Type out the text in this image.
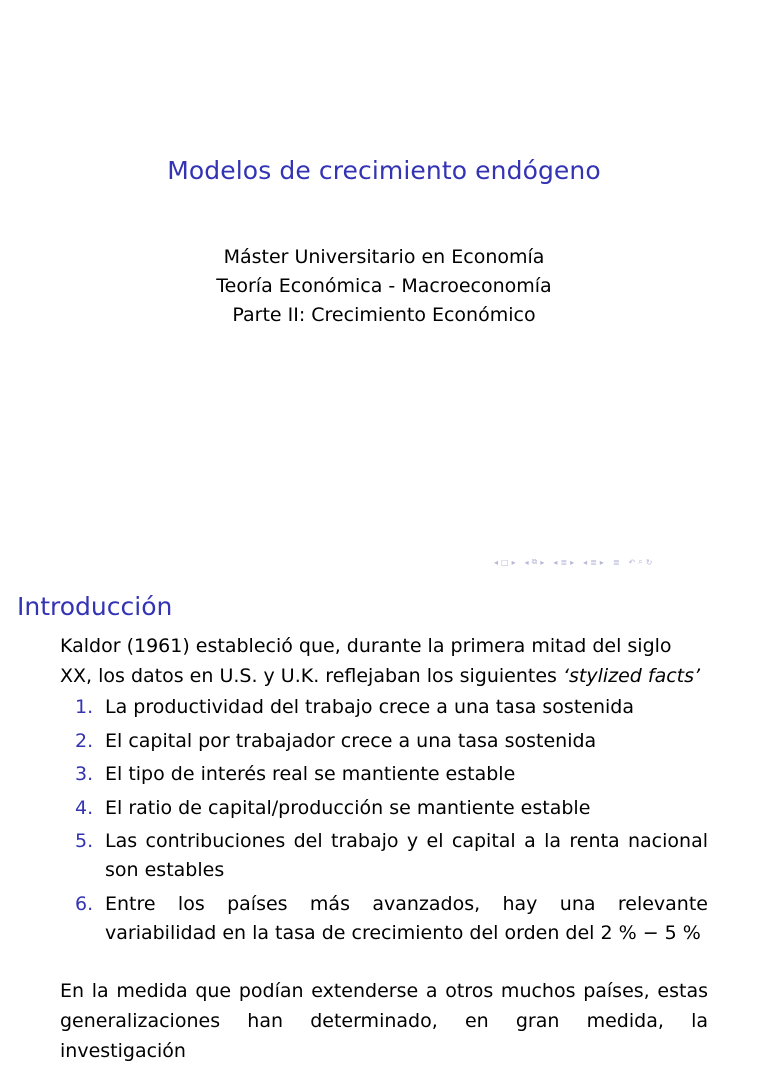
Modelos de crecimiento endógeno
Máster Universitario en Economía
Teoría Económica - Macroeconomía
Parte II: Crecimiento Económico
◂ □ ▸ ◂ ⧉ ▸ ◂ ≣ ▸ ◂ ≣ ▸ ≣ ↶ ⌕ ↻
Introducción
Kaldor (1961) estableció que, durante la primera mitad del siglo XX, los datos en U.S. y U.K. reflejaban los siguientes ‘stylized facts’
1. La productividad del trabajo crece a una tasa sostenida
2. El capital por trabajador crece a una tasa sostenida
3. El tipo de interés real se mantiente estable
4. El ratio de capital/producción se mantiente estable
5. Las contribuciones del trabajo y el capital a la renta nacional son estables
6. Entre los países más avanzados, hay una relevante variabilidad en la tasa de crecimiento del orden del 2 % − 5 %
En la medida que podían extenderse a otros muchos países, estas generalizaciones han determinado, en gran medida, la investigación
